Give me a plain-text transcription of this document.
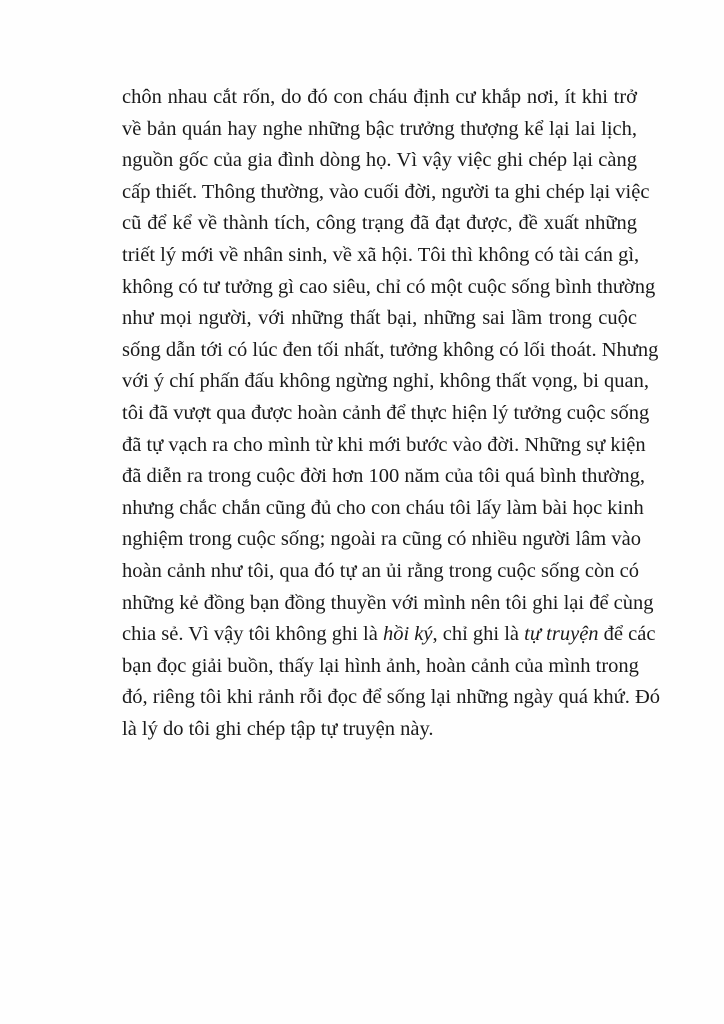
chôn nhau cắt rốn, do đó con cháu định cư khắp nơi, ít khi trở
về bản quán hay nghe những bậc trưởng thượng kể lại lai lịch,
nguồn gốc của gia đình dòng họ. Vì vậy việc ghi chép lại càng
cấp thiết. Thông thường, vào cuối đời, người ta ghi chép lại việc
cũ để kể về thành tích, công trạng đã đạt được, đề xuất những
triết lý mới về nhân sinh, về xã hội. Tôi thì không có tài cán gì,
không có tư tưởng gì cao siêu, chỉ có một cuộc sống bình thường
như mọi người, với những thất bại, những sai lầm trong cuộc
sống dẫn tới có lúc đen tối nhất, tưởng không có lối thoát. Nhưng
với ý chí phấn đấu không ngừng nghỉ, không thất vọng, bi quan,
tôi đã vượt qua được hoàn cảnh để thực hiện lý tưởng cuộc sống
đã tự vạch ra cho mình từ khi mới bước vào đời. Những sự kiện
đã diễn ra trong cuộc đời hơn 100 năm của tôi quá bình thường,
nhưng chắc chắn cũng đủ cho con cháu tôi lấy làm bài học kinh
nghiệm trong cuộc sống; ngoài ra cũng có nhiều người lâm vào
hoàn cảnh như tôi, qua đó tự an ủi rằng trong cuộc sống còn có
những kẻ đồng bạn đồng thuyền với mình nên tôi ghi lại để cùng
chia sẻ. Vì vậy tôi không ghi là hồi ký, chỉ ghi là tự truyện để các
bạn đọc giải buồn, thấy lại hình ảnh, hoàn cảnh của mình trong
đó, riêng tôi khi rảnh rỗi đọc để sống lại những ngày quá khứ. Đó
là lý do tôi ghi chép tập tự truyện này.
